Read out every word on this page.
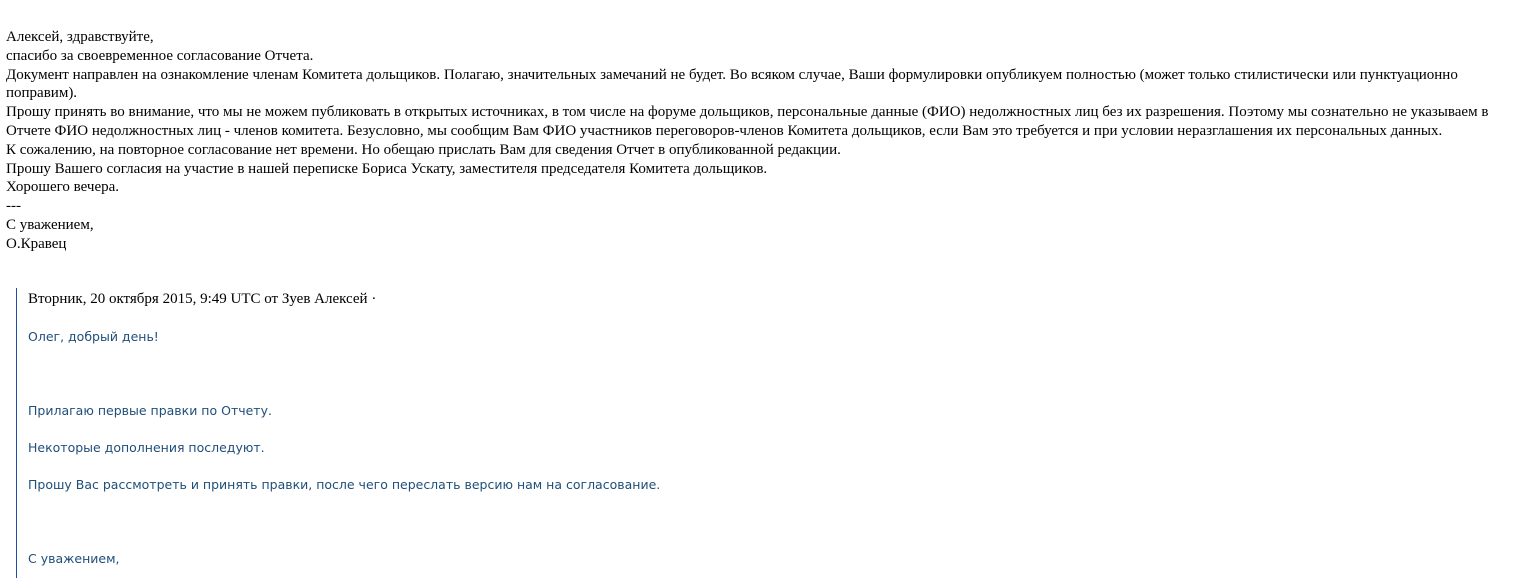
Алексей, здравствуйте,

спасибо за своевременное согласование Отчета.

Документ направлен на ознакомление членам Комитета дольщиков. Полагаю, значительных замечаний не будет. Во всяком случае, Ваши формулировки опубликуем полностью (может только стилистически или пунктуационно поправим).

Прошу принять во внимание, что мы не можем публиковать в открытых источниках, в том числе на форуме дольщиков, персональные данные (ФИО) недолжностных лиц без их разрешения. Поэтому мы сознательно не указываем в Отчете ФИО недолжностных лиц - членов комитета. Безусловно, мы сообщим Вам ФИО участников переговоров-членов Комитета дольщиков, если Вам это требуется и при условии неразглашения их персональных данных.

К сожалению, на повторное согласование нет времени. Но обещаю прислать Вам для сведения Отчет в опубликованной редакции.

Прошу Вашего согласия на участие в нашей переписке Бориса Ускату, заместителя председателя Комитета дольщиков.

Хорошего вечера.

---

С уважением,

О.Кравец

Вторник, 20 октября 2015, 9:49 UTC от Зуев Алексей ·
Олег, добрый день!
Прилагаю первые правки по Отчету.
Некоторые дополнения последуют.
Прошу Вас рассмотреть и принять правки, после чего переслать версию нам на согласование.
С уважением,
